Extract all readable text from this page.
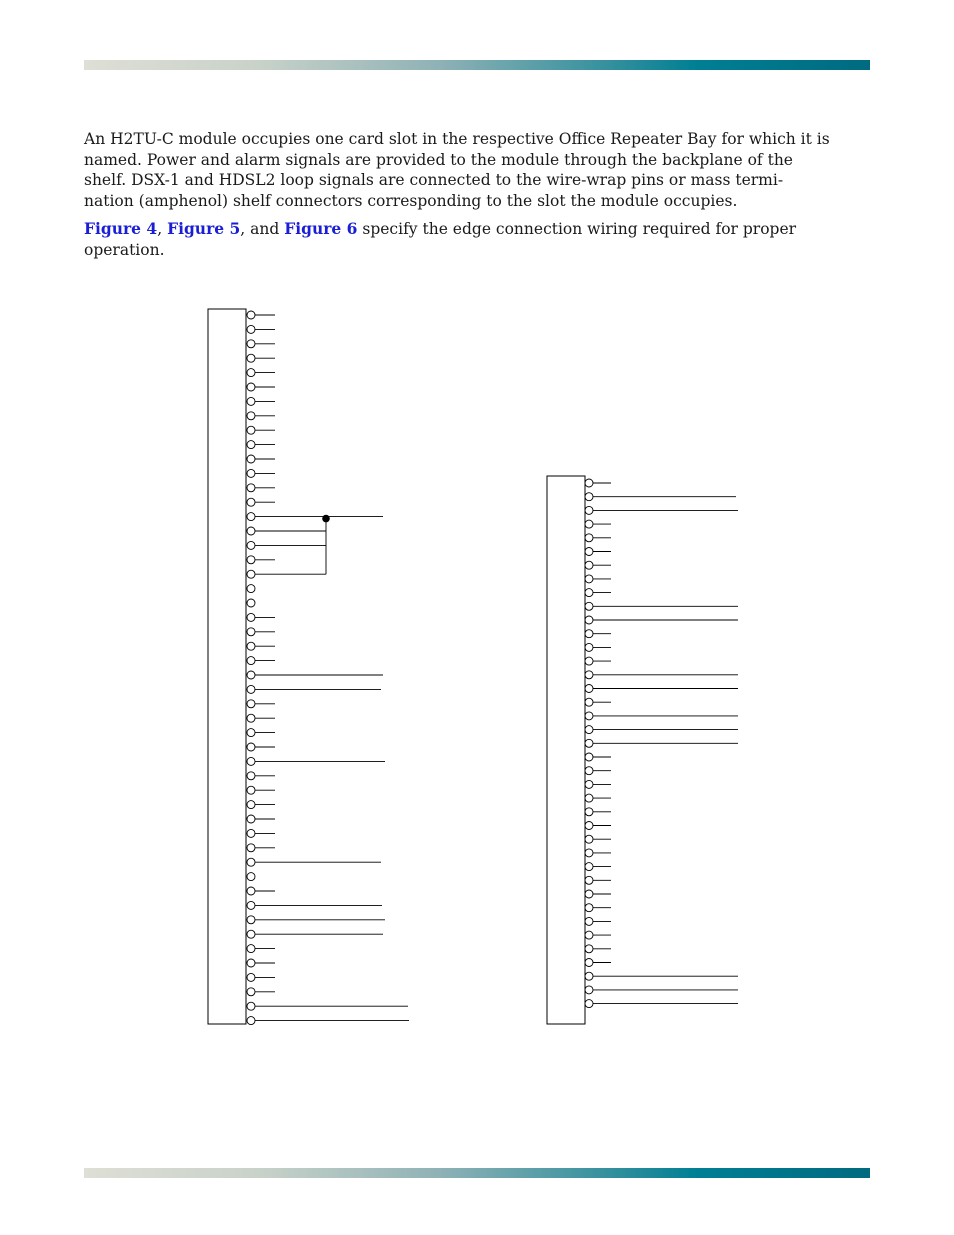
An H2TU-C module occupies one card slot in the respective Office Repeater Bay for which it is
named. Power and alarm signals are provided to the module through the backplane of the
shelf. DSX-1 and HDSL2 loop signals are connected to the wire-wrap pins or mass termi-
nation (amphenol) shelf connectors corresponding to the slot the module occupies.

Figure 4, Figure 5, and Figure 6 specify the edge connection wiring required for proper
operation.
